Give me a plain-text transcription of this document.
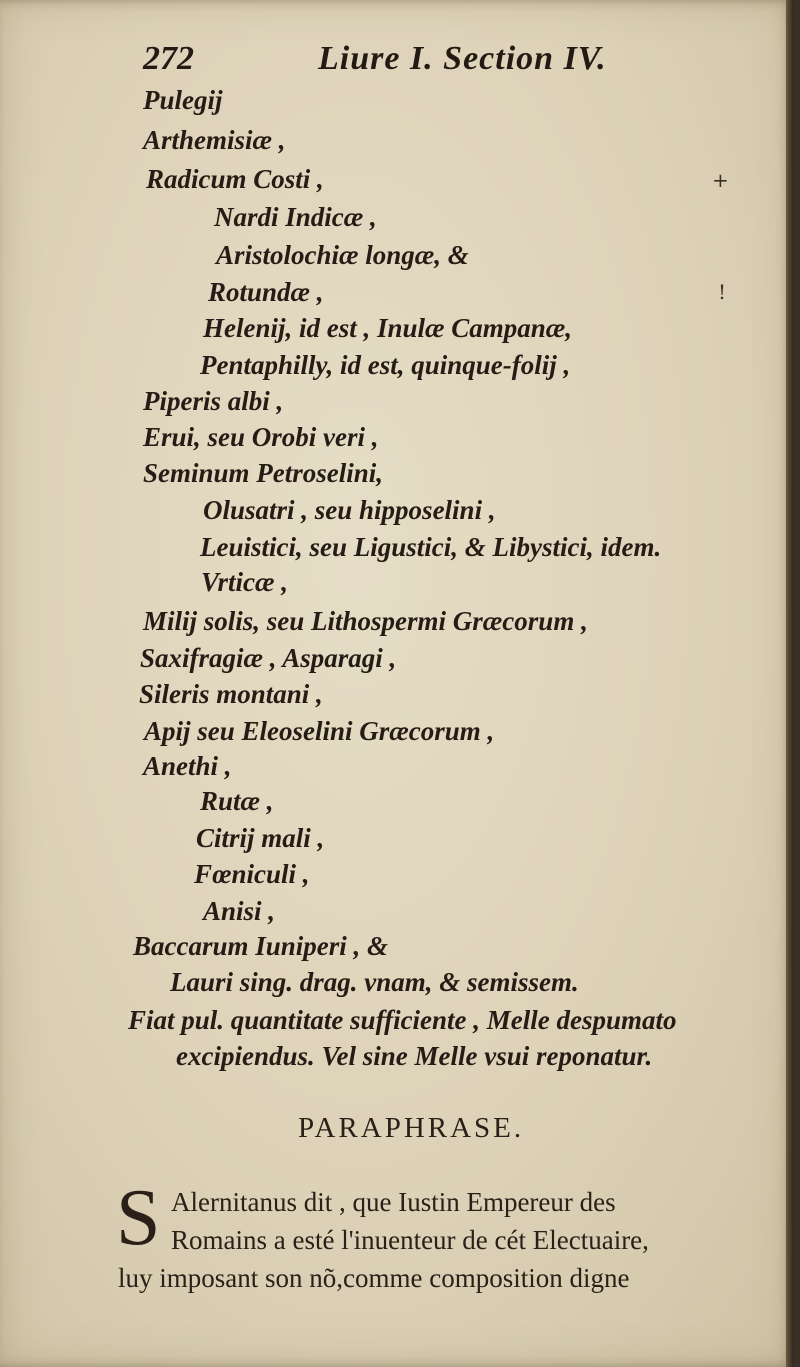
272	Liure I. Section IV.
Pulegij
Arthemisiæ ,
Radicum Costi ,
Nardi Indicæ ,
Aristolochiæ longæ, &
Rotundæ ,
Helenij, id est , Inulæ Campanæ,
Pentaphilly, id est, quinque-folij ,
Piperis albi ,
Erui, seu Orobi veri ,
Seminum Petroselini,
Olusatri , seu hipposelini ,
Leuistici, seu Ligustici, & Libystici, idem.
Vrticæ ,
Milij solis, seu Lithospermi Græcorum ,
Saxifragiæ , Asparagi ,
Sileris montani ,
Apij seu Eleoselini Græcorum ,
Anethi ,
Rutæ ,
Citrij mali ,
Fœniculi ,
Anisi ,
Baccarum Iuniperi , &
Lauri sing. drag. vnam, & semissem.
Fiat pul. quantitate sufficiente , Melle despumato
excipiendus. Vel sine Melle vsui reponatur.
PARAPHRASE.
S Alernitanus dit , que Iustin Empereur des
Romains a esté l'inuenteur de cét Electuaire,
luy imposant son nõ,comme composition digne
+
!
